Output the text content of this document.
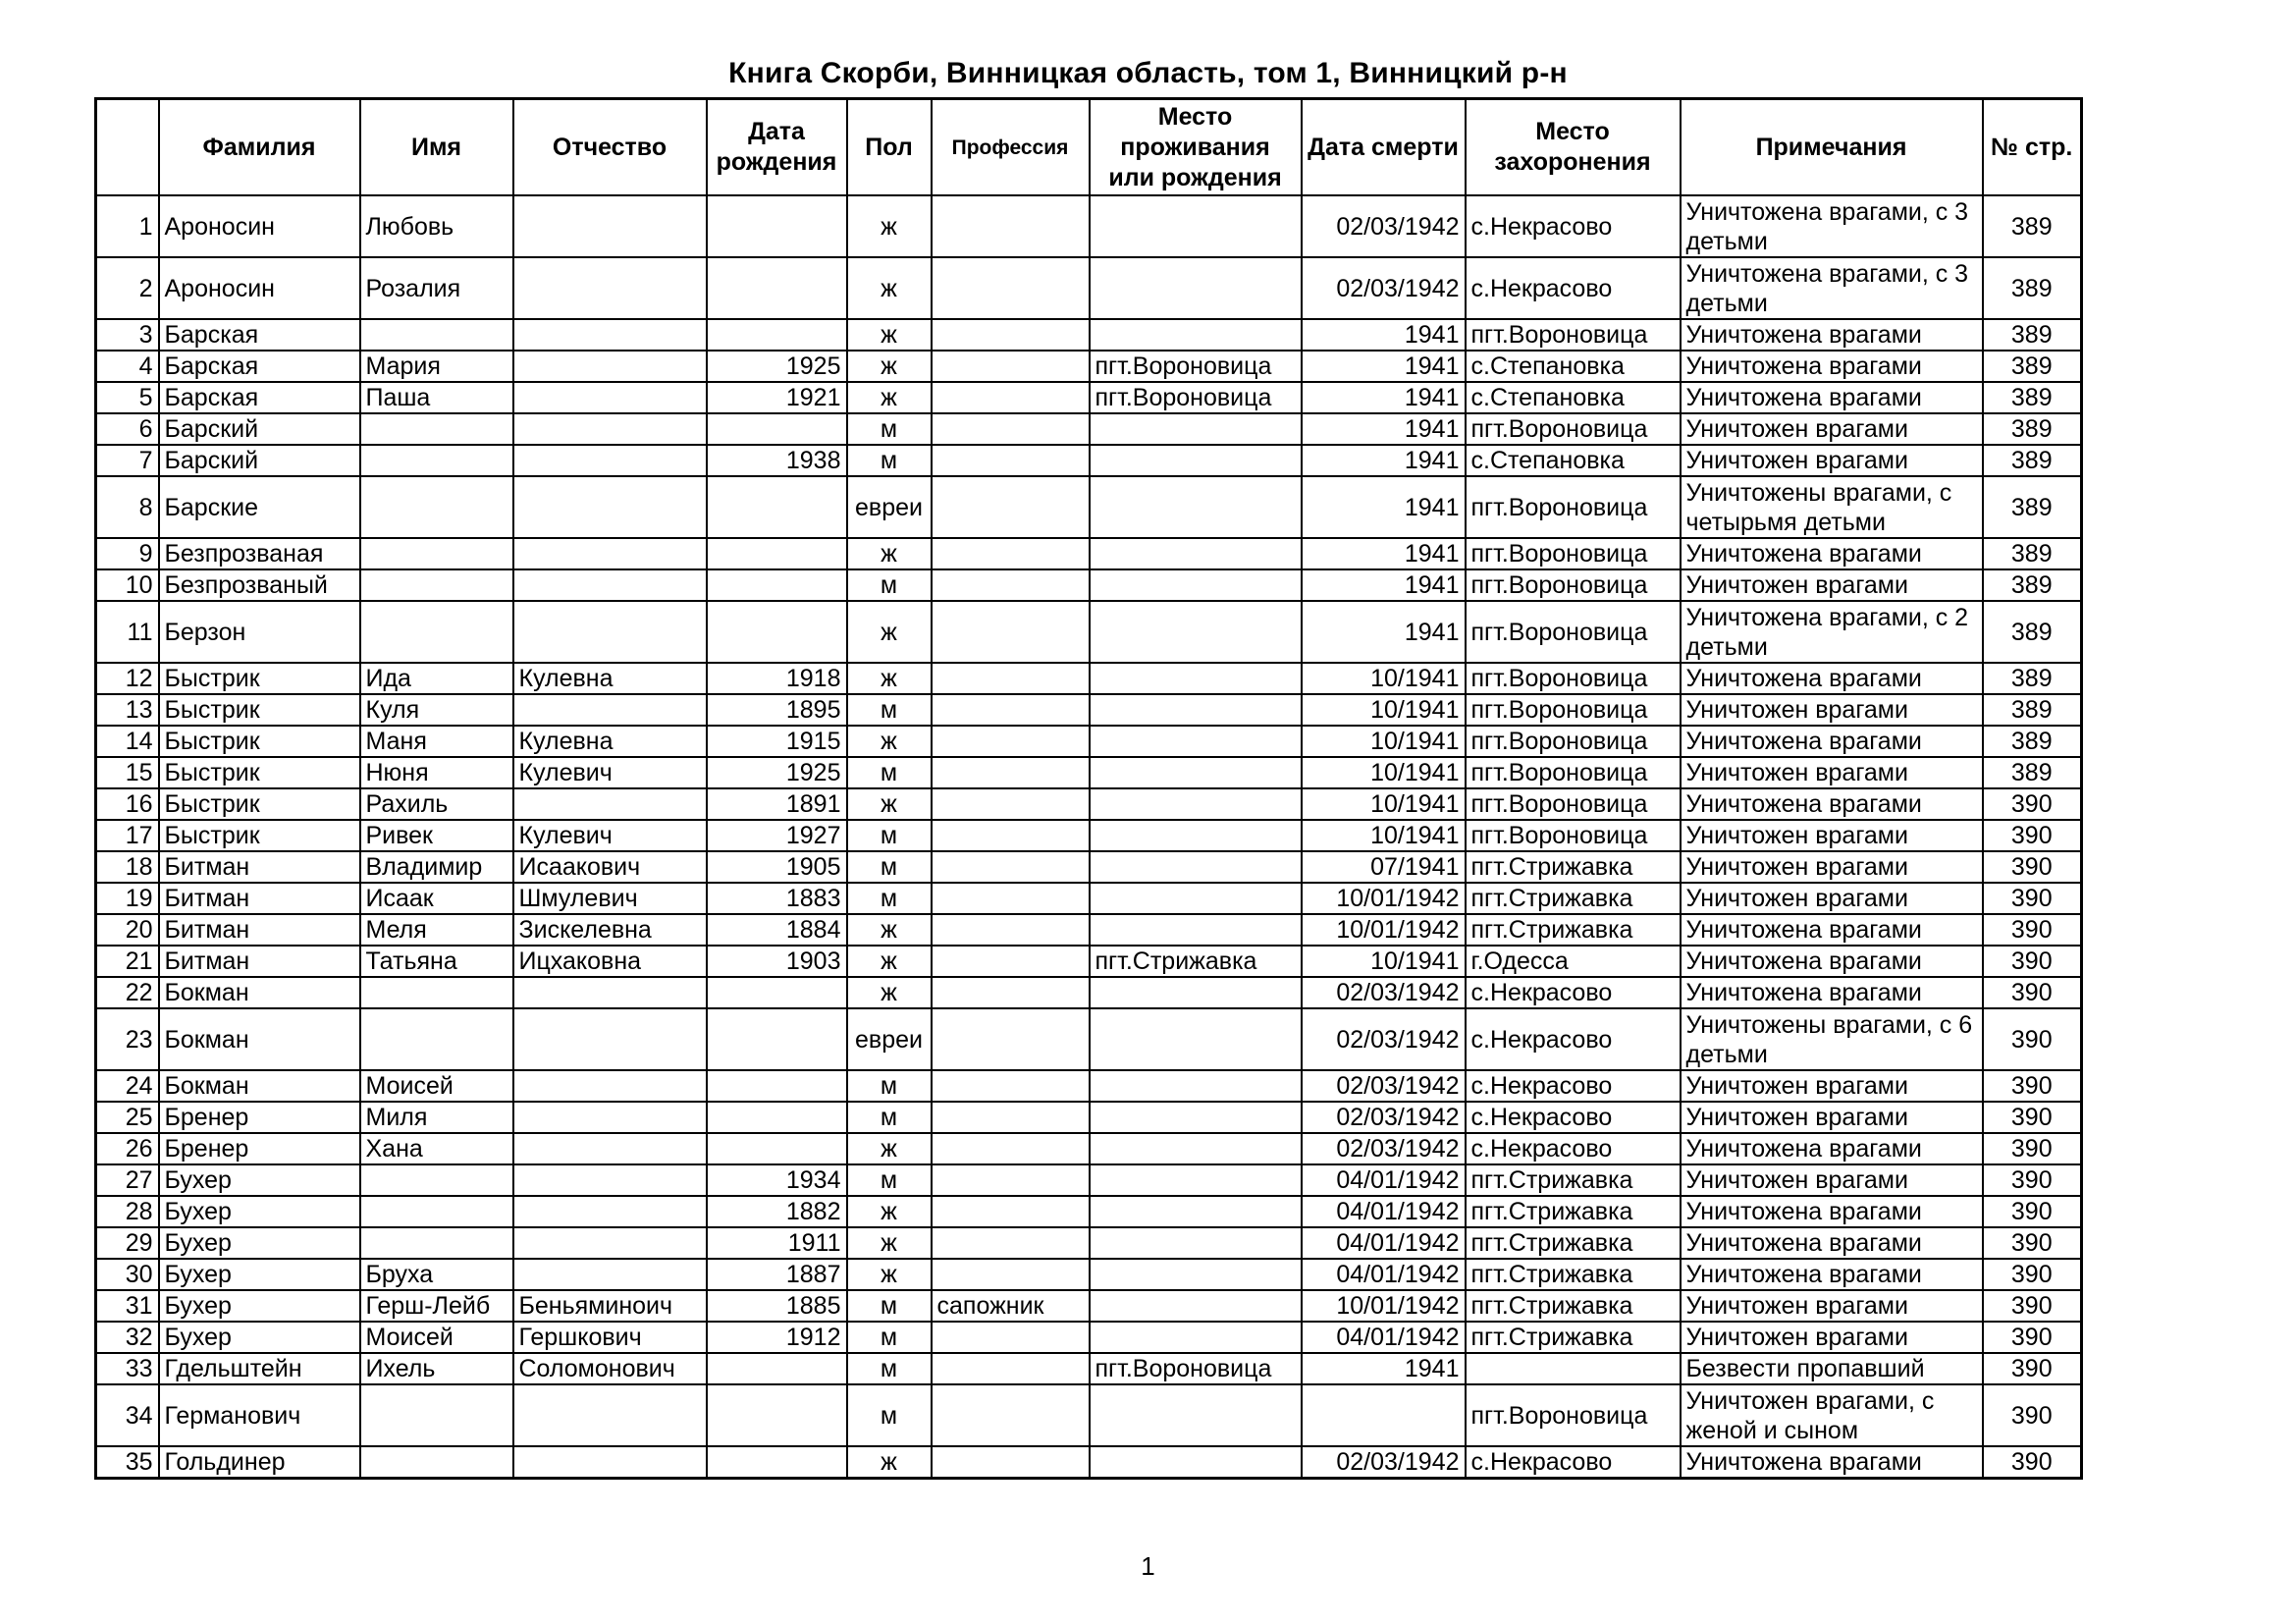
Книга Скорби, Винницкая область, том 1, Винницкий р-н
	Фамилия	Имя	Отчество	Дата рождения	Пол	Профессия	Место проживания или рождения	Дата смерти	Место захоронения	Примечания	№ стр.
1	Ароносин	Любовь			ж			02/03/1942	с.Некрасово	Уничтожена врагами, с 3 детьми	389
2	Ароносин	Розалия			ж			02/03/1942	с.Некрасово	Уничтожена врагами, с 3 детьми	389
3	Барская				ж			1941	пгт.Вороновица	Уничтожена врагами	389
4	Барская	Мария		1925	ж		пгт.Вороновица	1941	с.Степановка	Уничтожена врагами	389
5	Барская	Паша		1921	ж		пгт.Вороновица	1941	с.Степановка	Уничтожена врагами	389
6	Барский				м			1941	пгт.Вороновица	Уничтожен врагами	389
7	Барский			1938	м			1941	с.Степановка	Уничтожен врагами	389
8	Барские				евреи			1941	пгт.Вороновица	Уничтожены врагами, с четырьмя детьми	389
9	Безпрозваная				ж			1941	пгт.Вороновица	Уничтожена врагами	389
10	Безпрозваный				м			1941	пгт.Вороновица	Уничтожен врагами	389
11	Берзон				ж			1941	пгт.Вороновица	Уничтожена врагами, с 2 детьми	389
12	Быстрик	Ида	Кулевна	1918	ж			10/1941	пгт.Вороновица	Уничтожена врагами	389
13	Быстрик	Куля		1895	м			10/1941	пгт.Вороновица	Уничтожен врагами	389
14	Быстрик	Маня	Кулевна	1915	ж			10/1941	пгт.Вороновица	Уничтожена врагами	389
15	Быстрик	Нюня	Кулевич	1925	м			10/1941	пгт.Вороновица	Уничтожен врагами	389
16	Быстрик	Рахиль		1891	ж			10/1941	пгт.Вороновица	Уничтожена врагами	390
17	Быстрик	Ривек	Кулевич	1927	м			10/1941	пгт.Вороновица	Уничтожен врагами	390
18	Битман	Владимир	Исаакович	1905	м			07/1941	пгт.Стрижавка	Уничтожен врагами	390
19	Битман	Исаак	Шмулевич	1883	м			10/01/1942	пгт.Стрижавка	Уничтожен врагами	390
20	Битман	Меля	Зискелевна	1884	ж			10/01/1942	пгт.Стрижавка	Уничтожена врагами	390
21	Битман	Татьяна	Ицхаковна	1903	ж		пгт.Стрижавка	10/1941	г.Одесса	Уничтожена врагами	390
22	Бокман				ж			02/03/1942	с.Некрасово	Уничтожена врагами	390
23	Бокман				евреи			02/03/1942	с.Некрасово	Уничтожены врагами, с 6 детьми	390
24	Бокман	Моисей			м			02/03/1942	с.Некрасово	Уничтожен врагами	390
25	Бренер	Миля			м			02/03/1942	с.Некрасово	Уничтожен врагами	390
26	Бренер	Хана			ж			02/03/1942	с.Некрасово	Уничтожена врагами	390
27	Бухер			1934	м			04/01/1942	пгт.Стрижавка	Уничтожен врагами	390
28	Бухер			1882	ж			04/01/1942	пгт.Стрижавка	Уничтожена врагами	390
29	Бухер			1911	ж			04/01/1942	пгт.Стрижавка	Уничтожена врагами	390
30	Бухер	Бруха		1887	ж			04/01/1942	пгт.Стрижавка	Уничтожена врагами	390
31	Бухер	Герш-Лейб	Беньяминоич	1885	м	сапожник		10/01/1942	пгт.Стрижавка	Уничтожен врагами	390
32	Бухер	Моисей	Гершкович	1912	м			04/01/1942	пгт.Стрижавка	Уничтожен врагами	390
33	Гдельштейн	Ихель	Соломонович		м		пгт.Вороновица	1941		Безвести пропавший	390
34	Германович				м				пгт.Вороновица	Уничтожен врагами, с женой и сыном	390
35	Гольдинер				ж			02/03/1942	с.Некрасово	Уничтожена врагами	390
1
